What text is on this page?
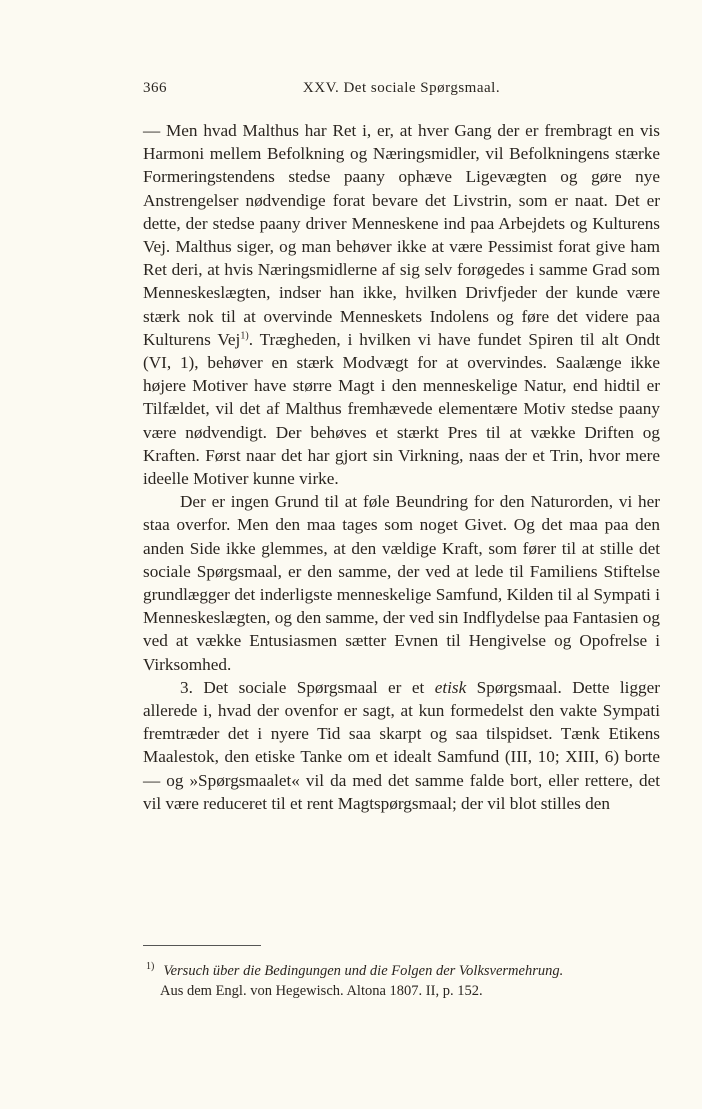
366	XXV. Det sociale Spørgsmaal.

— Men hvad Malthus har Ret i, er, at hver Gang der er frembragt en vis Harmoni mellem Befolkning og Næringsmidler, vil Befolkningens stærke Formeringstendens stedse paany ophæve Ligevægten og gøre nye Anstrengelser nødvendige forat bevare det Livstrin, som er naat. Det er dette, der stedse paany driver Menneskene ind paa Arbejdets og Kulturens Vej. Malthus siger, og man behøver ikke at være Pessimist forat give ham Ret deri, at hvis Næringsmidlerne af sig selv forøgedes i samme Grad som Menneskeslægten, indser han ikke, hvilken Drivfjeder der kunde være stærk nok til at overvinde Menneskets Indolens og føre det videre paa Kulturens Vej$^{1)}$. Trægheden, i hvilken vi have fundet Spiren til alt Ondt (VI, 1), behøver en stærk Modvægt for at overvindes. Saalænge ikke højere Motiver have større Magt i den menneskelige Natur, end hidtil er Tilfældet, vil det af Malthus fremhævede elementære Motiv stedse paany være nødvendigt. Der behøves et stærkt Pres til at vække Driften og Kraften. Først naar det har gjort sin Virkning, naas der et Trin, hvor mere ideelle Motiver kunne virke.

Der er ingen Grund til at føle Beundring for den Naturorden, vi her staa overfor. Men den maa tages som noget Givet. Og det maa paa den anden Side ikke glemmes, at den vældige Kraft, som fører til at stille det sociale Spørgsmaal, er den samme, der ved at lede til Familiens Stiftelse grundlægger det inderligste menneskelige Samfund, Kilden til al Sympati i Menneskeslægten, og den samme, der ved sin Indflydelse paa Fantasien og ved at vække Entusiasmen sætter Evnen til Hengivelse og Opofrelse i Virksomhed.

3. Det sociale Spørgsmaal er et etisk Spørgsmaal. Dette ligger allerede i, hvad der ovenfor er sagt, at kun formedelst den vakte Sympati fremtræder det i nyere Tid saa skarpt og saa tilspidset. Tænk Etikens Maalestok, den etiske Tanke om et idealt Samfund (III, 10; XIII, 6) borte — og »Spørgsmaalet« vil da med det samme falde bort, eller rettere, det vil være reduceret til et rent Magtspørgsmaal; der vil blot stilles den

$^{1)}$ Versuch über die Bedingungen und die Folgen der Volksvermehrung.
Aus dem Engl. von Hegewisch. Altona 1807. II, p. 152.
